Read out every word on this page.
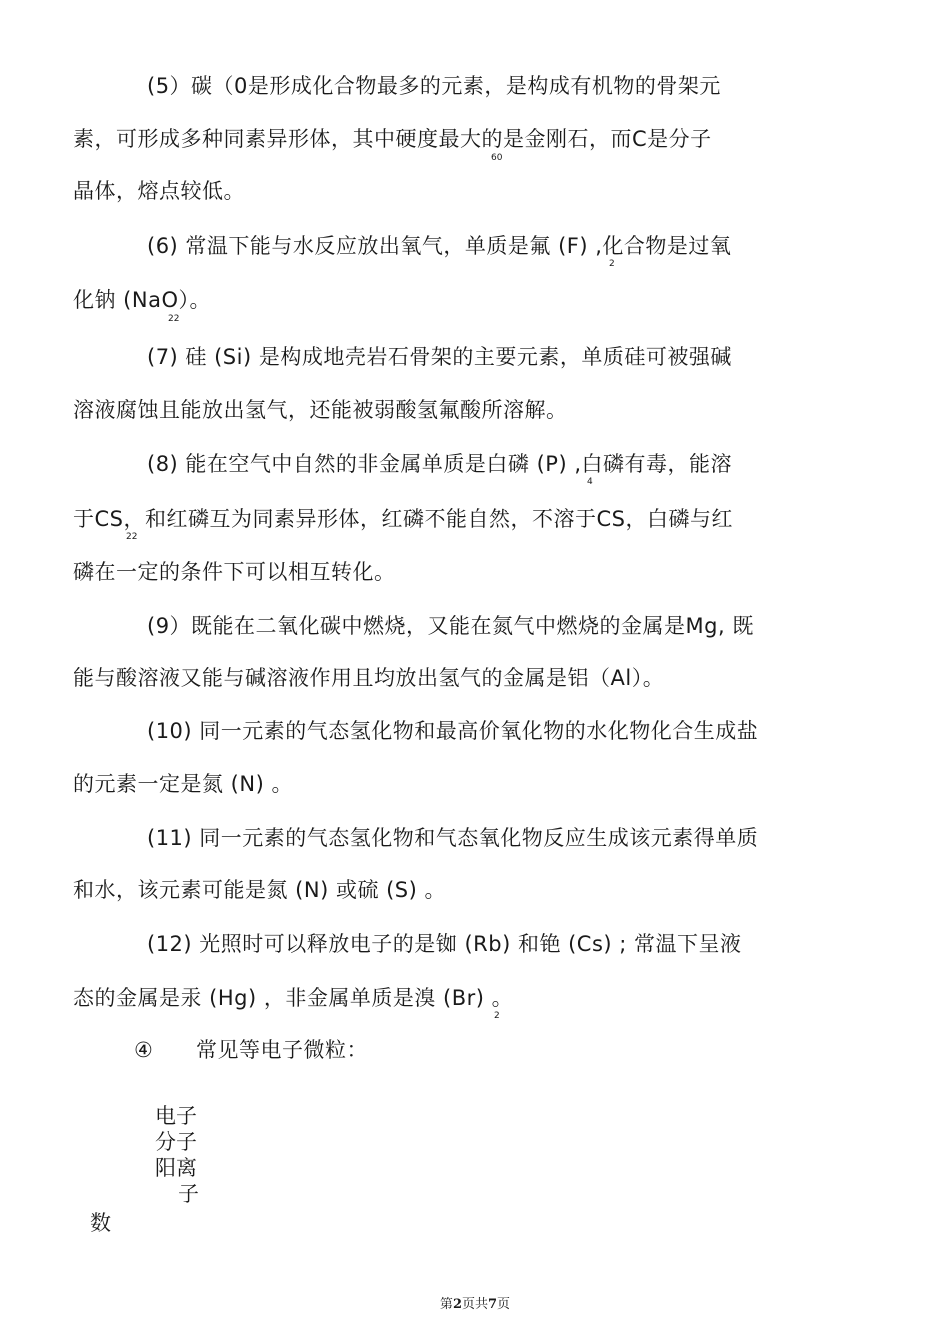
(5）碳（0是形成化合物最多的元素，是构成有机物的骨架元
素，可形成多种同素异形体，其中硬度最大的是金刚石，而C是分子
60
晶体，熔点较低。
(6) 常温下能与水反应放出氧气，单质是氟 (F) ,化合物是过氧
2
化钠 (NaO）。
22
(7) 硅 (Si) 是构成地壳岩石骨架的主要元素，单质硅可被强碱
溶液腐蚀且能放出氢气，还能被弱酸氢氟酸所溶解。
(8) 能在空气中自然的非金属单质是白磷 (P) ,白磷有毒，能溶
4
于CS，和红磷互为同素异形体，红磷不能自然，不溶于CS，白磷与红
22
磷在一定的条件下可以相互转化。
(9）既能在二氧化碳中燃烧，又能在氮气中燃烧的金属是Mg, 既
能与酸溶液又能与碱溶液作用且均放出氢气的金属是铝（Al）。
(10) 同一元素的气态氢化物和最高价氧化物的水化物化合生成盐
的元素一定是氮 (N) 。
(11) 同一元素的气态氢化物和气态氧化物反应生成该元素得单质
和水，该元素可能是氮 (N) 或硫 (S) 。
(12) 光照时可以释放电子的是铷 (Rb) 和铯 (Cs) ; 常温下呈液
态的金属是汞 (Hg) ，非金属单质是溴 (Br) 。
2
④ 常见等电子微粒：
电子
分子
阳离
子
数
第2页共7页
